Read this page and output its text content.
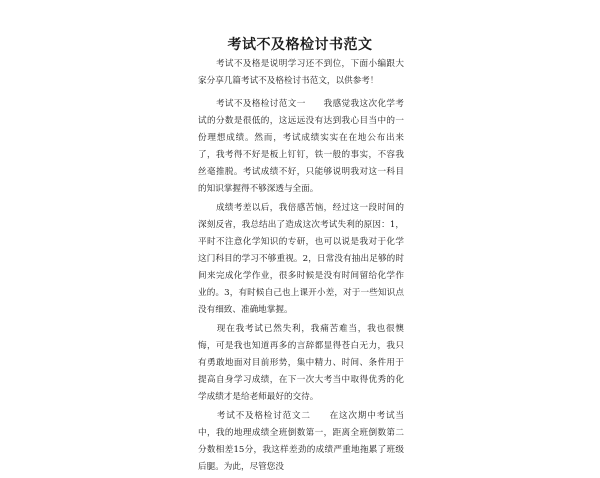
考试不及格检讨书范文

　　考试不及格是说明学习还不到位，下面小编跟大家分享几篇考试不及格检讨书范文，以供参考！

　　考试不及格检讨范文一　　我感觉我这次化学考试的分数是很低的，这远远没有达到我心目当中的一份理想成绩。然而，考试成绩实实在在地公布出来了，我考得不好是板上钉钉，铁一般的事实，不容我丝毫推脱。考试成绩不好，只能够说明我对这一科目的知识掌握得不够深透与全面。

　　成绩考差以后，我倍感苦恼，经过这一段时间的深刻反省，我总结出了造成这次考试失利的原因：1，平时不注意化学知识的专研，也可以说是我对于化学这门科目的学习不够重视。2，日常没有抽出足够的时间来完成化学作业，很多时候是没有时间留给化学作业的。3，有时候自己也上课开小差，对于一些知识点没有细致、准确地掌握。

　　现在我考试已然失利，我痛苦难当，我也很懊悔，可是我也知道再多的言辞都显得苍白无力，我只有勇敢地面对目前形势，集中精力、时间、条件用于提高自身学习成绩，在下一次大考当中取得优秀的化学成绩才是给老师最好的交待。

　　考试不及格检讨范文二　　在这次期中考试当中，我的地理成绩全班倒数第一，距离全班倒数第二分数相差15分，我这样差劲的成绩严重地拖累了班级后腿。为此，尽管您没
